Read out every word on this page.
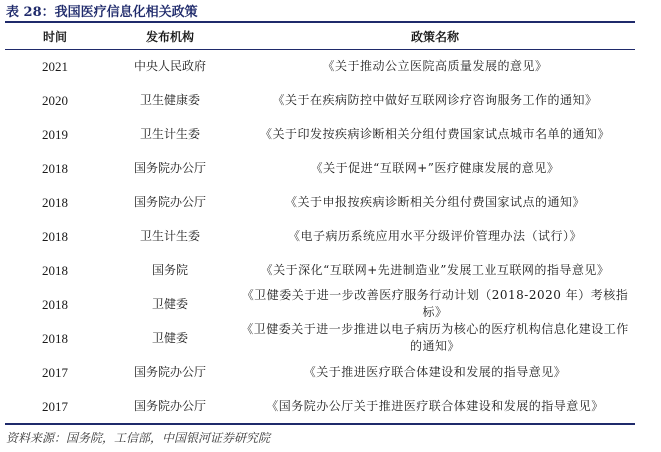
表 28：我国医疗信息化相关政策
时间	发布机构	政策名称
2021	中央人民政府	《关于推动公立医院高质量发展的意见》
2020	卫生健康委	《关于在疾病防控中做好互联网诊疗咨询服务工作的通知》
2019	卫生计生委	《关于印发按疾病诊断相关分组付费国家试点城市名单的通知》
2018	国务院办公厅	《关于促进“互联网+”医疗健康发展的意见》
2018	国务院办公厅	《关于申报按疾病诊断相关分组付费国家试点的通知》
2018	卫生计生委	《电子病历系统应用水平分级评价管理办法（试行）》
2018	国务院	《关于深化“互联网+先进制造业”发展工业互联网的指导意见》
2018	卫健委	《卫健委关于进一步改善医疗服务行动计划（2018-2020 年）考核指标》
2018	卫健委	《卫健委关于进一步推进以电子病历为核心的医疗机构信息化建设工作的通知》
2017	国务院办公厅	《关于推进医疗联合体建设和发展的指导意见》
2017	国务院办公厅	《国务院办公厅关于推进医疗联合体建设和发展的指导意见》
资料来源：国务院，工信部，中国银河证券研究院
